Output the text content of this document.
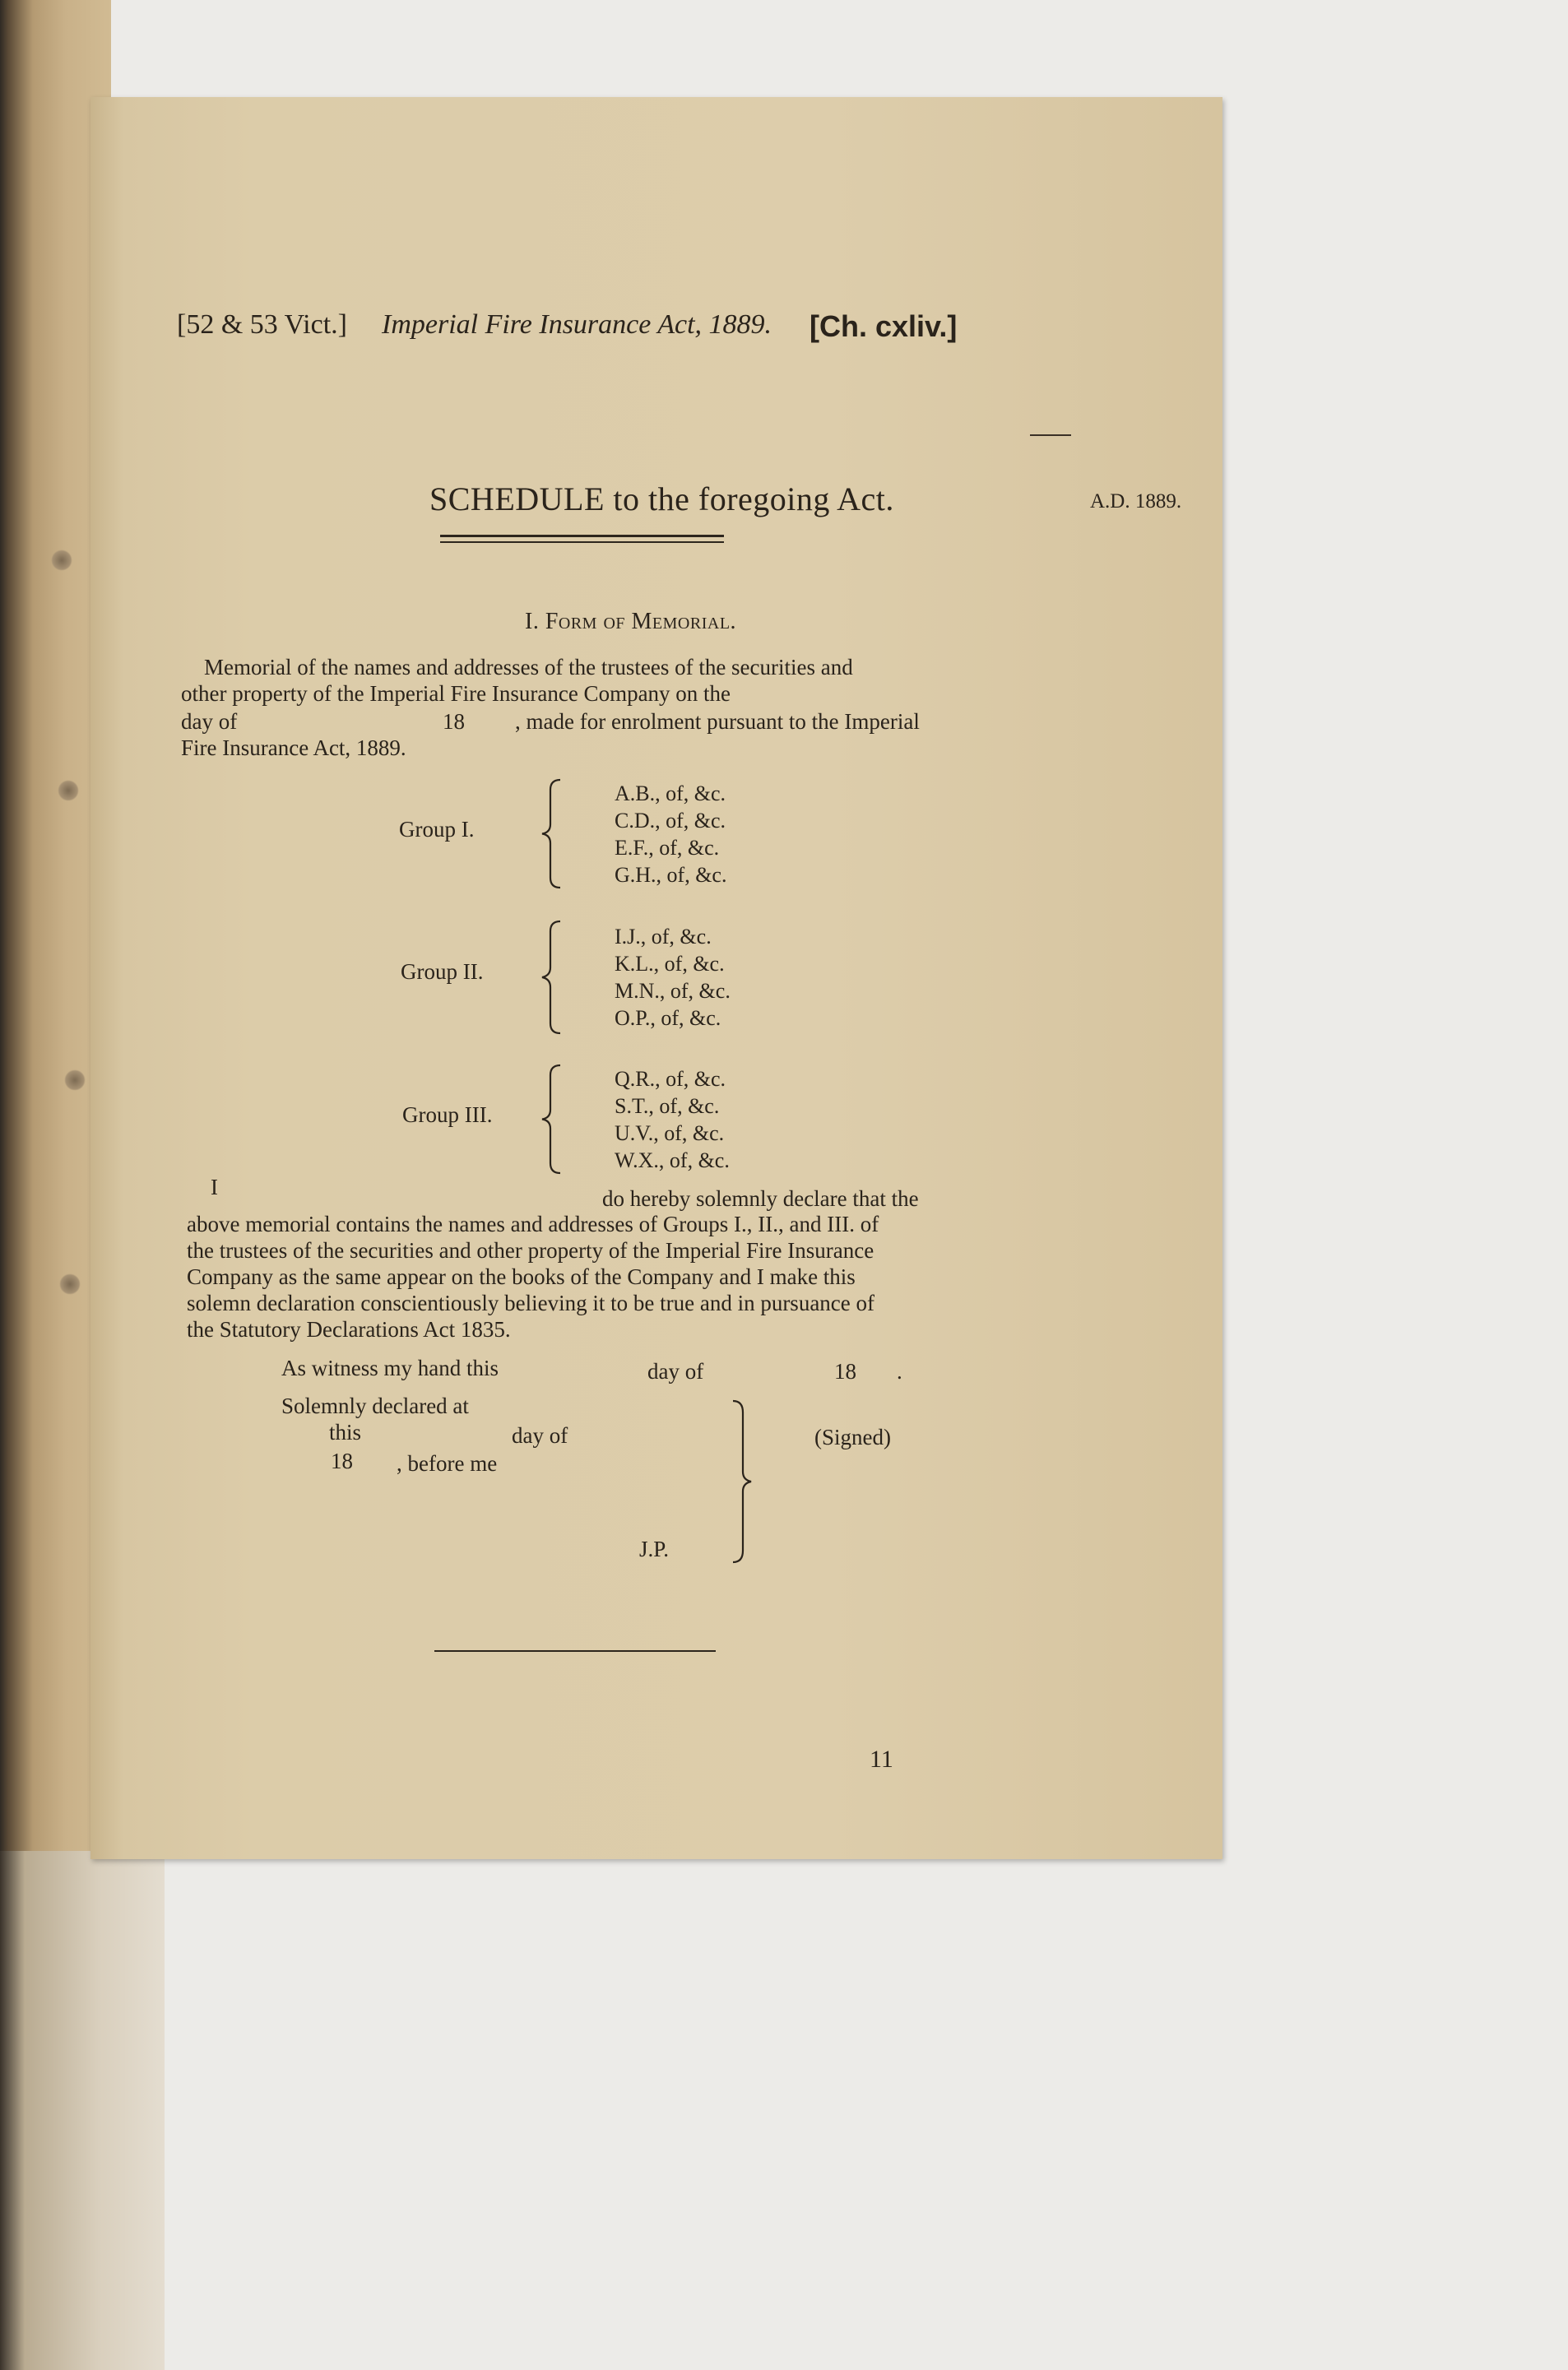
[52 & 53 Vict.] Imperial Fire Insurance Act, 1889. [Ch. cxliv.]
SCHEDULE to the foregoing Act.	A.D. 1889.
I. Form of Memorial.
Memorial of the names and addresses of the trustees of the securities and
other property of the Imperial Fire Insurance Company on the
day of	18 , made for enrolment pursuant to the Imperial
Fire Insurance Act, 1889.
Group I.
A.B., of, &c.
C.D., of, &c.
E.F., of, &c.
G.H., of, &c.
Group II.
I.J., of, &c.
K.L., of, &c.
M.N., of, &c.
O.P., of, &c.
Group III.
Q.R., of, &c.
S.T., of, &c.
U.V., of, &c.
W.X., of, &c.
I	do hereby solemnly declare that the
above memorial contains the names and addresses of Groups I., II., and III. of
the trustees of the securities and other property of the Imperial Fire Insurance
Company as the same appear on the books of the Company and I make this
solemn declaration conscientiously believing it to be true and in pursuance of
the Statutory Declarations Act 1835.
As witness my hand this	day of	18 .
Solemnly declared at
this	day of
18 , before me
J.P.
(Signed)
11
